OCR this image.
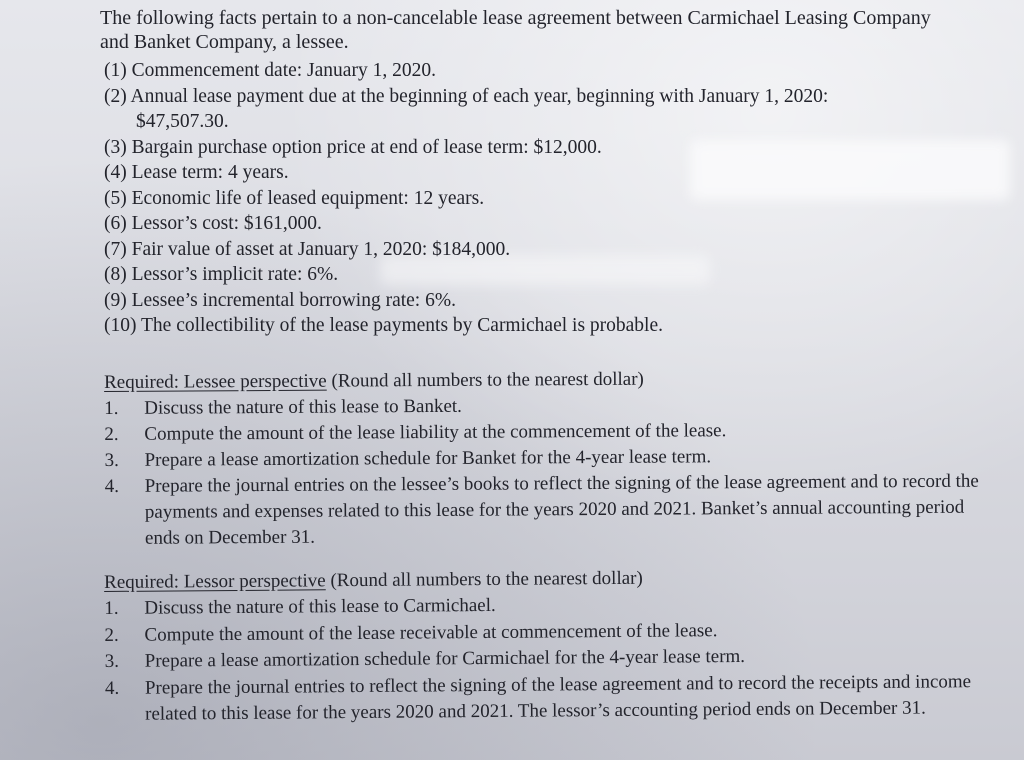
The following facts pertain to a non-cancelable lease agreement between Carmichael Leasing Company and Banket Company, a lessee.
(1) Commencement date: January 1, 2020.
(2) Annual lease payment due at the beginning of each year, beginning with January 1, 2020:
$47,507.30.
(3) Bargain purchase option price at end of lease term: $12,000.
(4) Lease term: 4 years.
(5) Economic life of leased equipment: 12 years.
(6) Lessor’s cost: $161,000.
(7) Fair value of asset at January 1, 2020: $184,000.
(8) Lessor’s implicit rate: 6%.
(9) Lessee’s incremental borrowing rate: 6%.
(10) The collectibility of the lease payments by Carmichael is probable.
Required: Lessee perspective (Round all numbers to the nearest dollar)
1. Discuss the nature of this lease to Banket.
2. Compute the amount of the lease liability at the commencement of the lease.
3. Prepare a lease amortization schedule for Banket for the 4-year lease term.
4. Prepare the journal entries on the lessee’s books to reflect the signing of the lease agreement and to record the payments and expenses related to this lease for the years 2020 and 2021. Banket’s annual accounting period ends on December 31.
Required: Lessor perspective (Round all numbers to the nearest dollar)
1. Discuss the nature of this lease to Carmichael.
2. Compute the amount of the lease receivable at commencement of the lease.
3. Prepare a lease amortization schedule for Carmichael for the 4-year lease term.
4. Prepare the journal entries to reflect the signing of the lease agreement and to record the receipts and income related to this lease for the years 2020 and 2021. The lessor’s accounting period ends on December 31.
